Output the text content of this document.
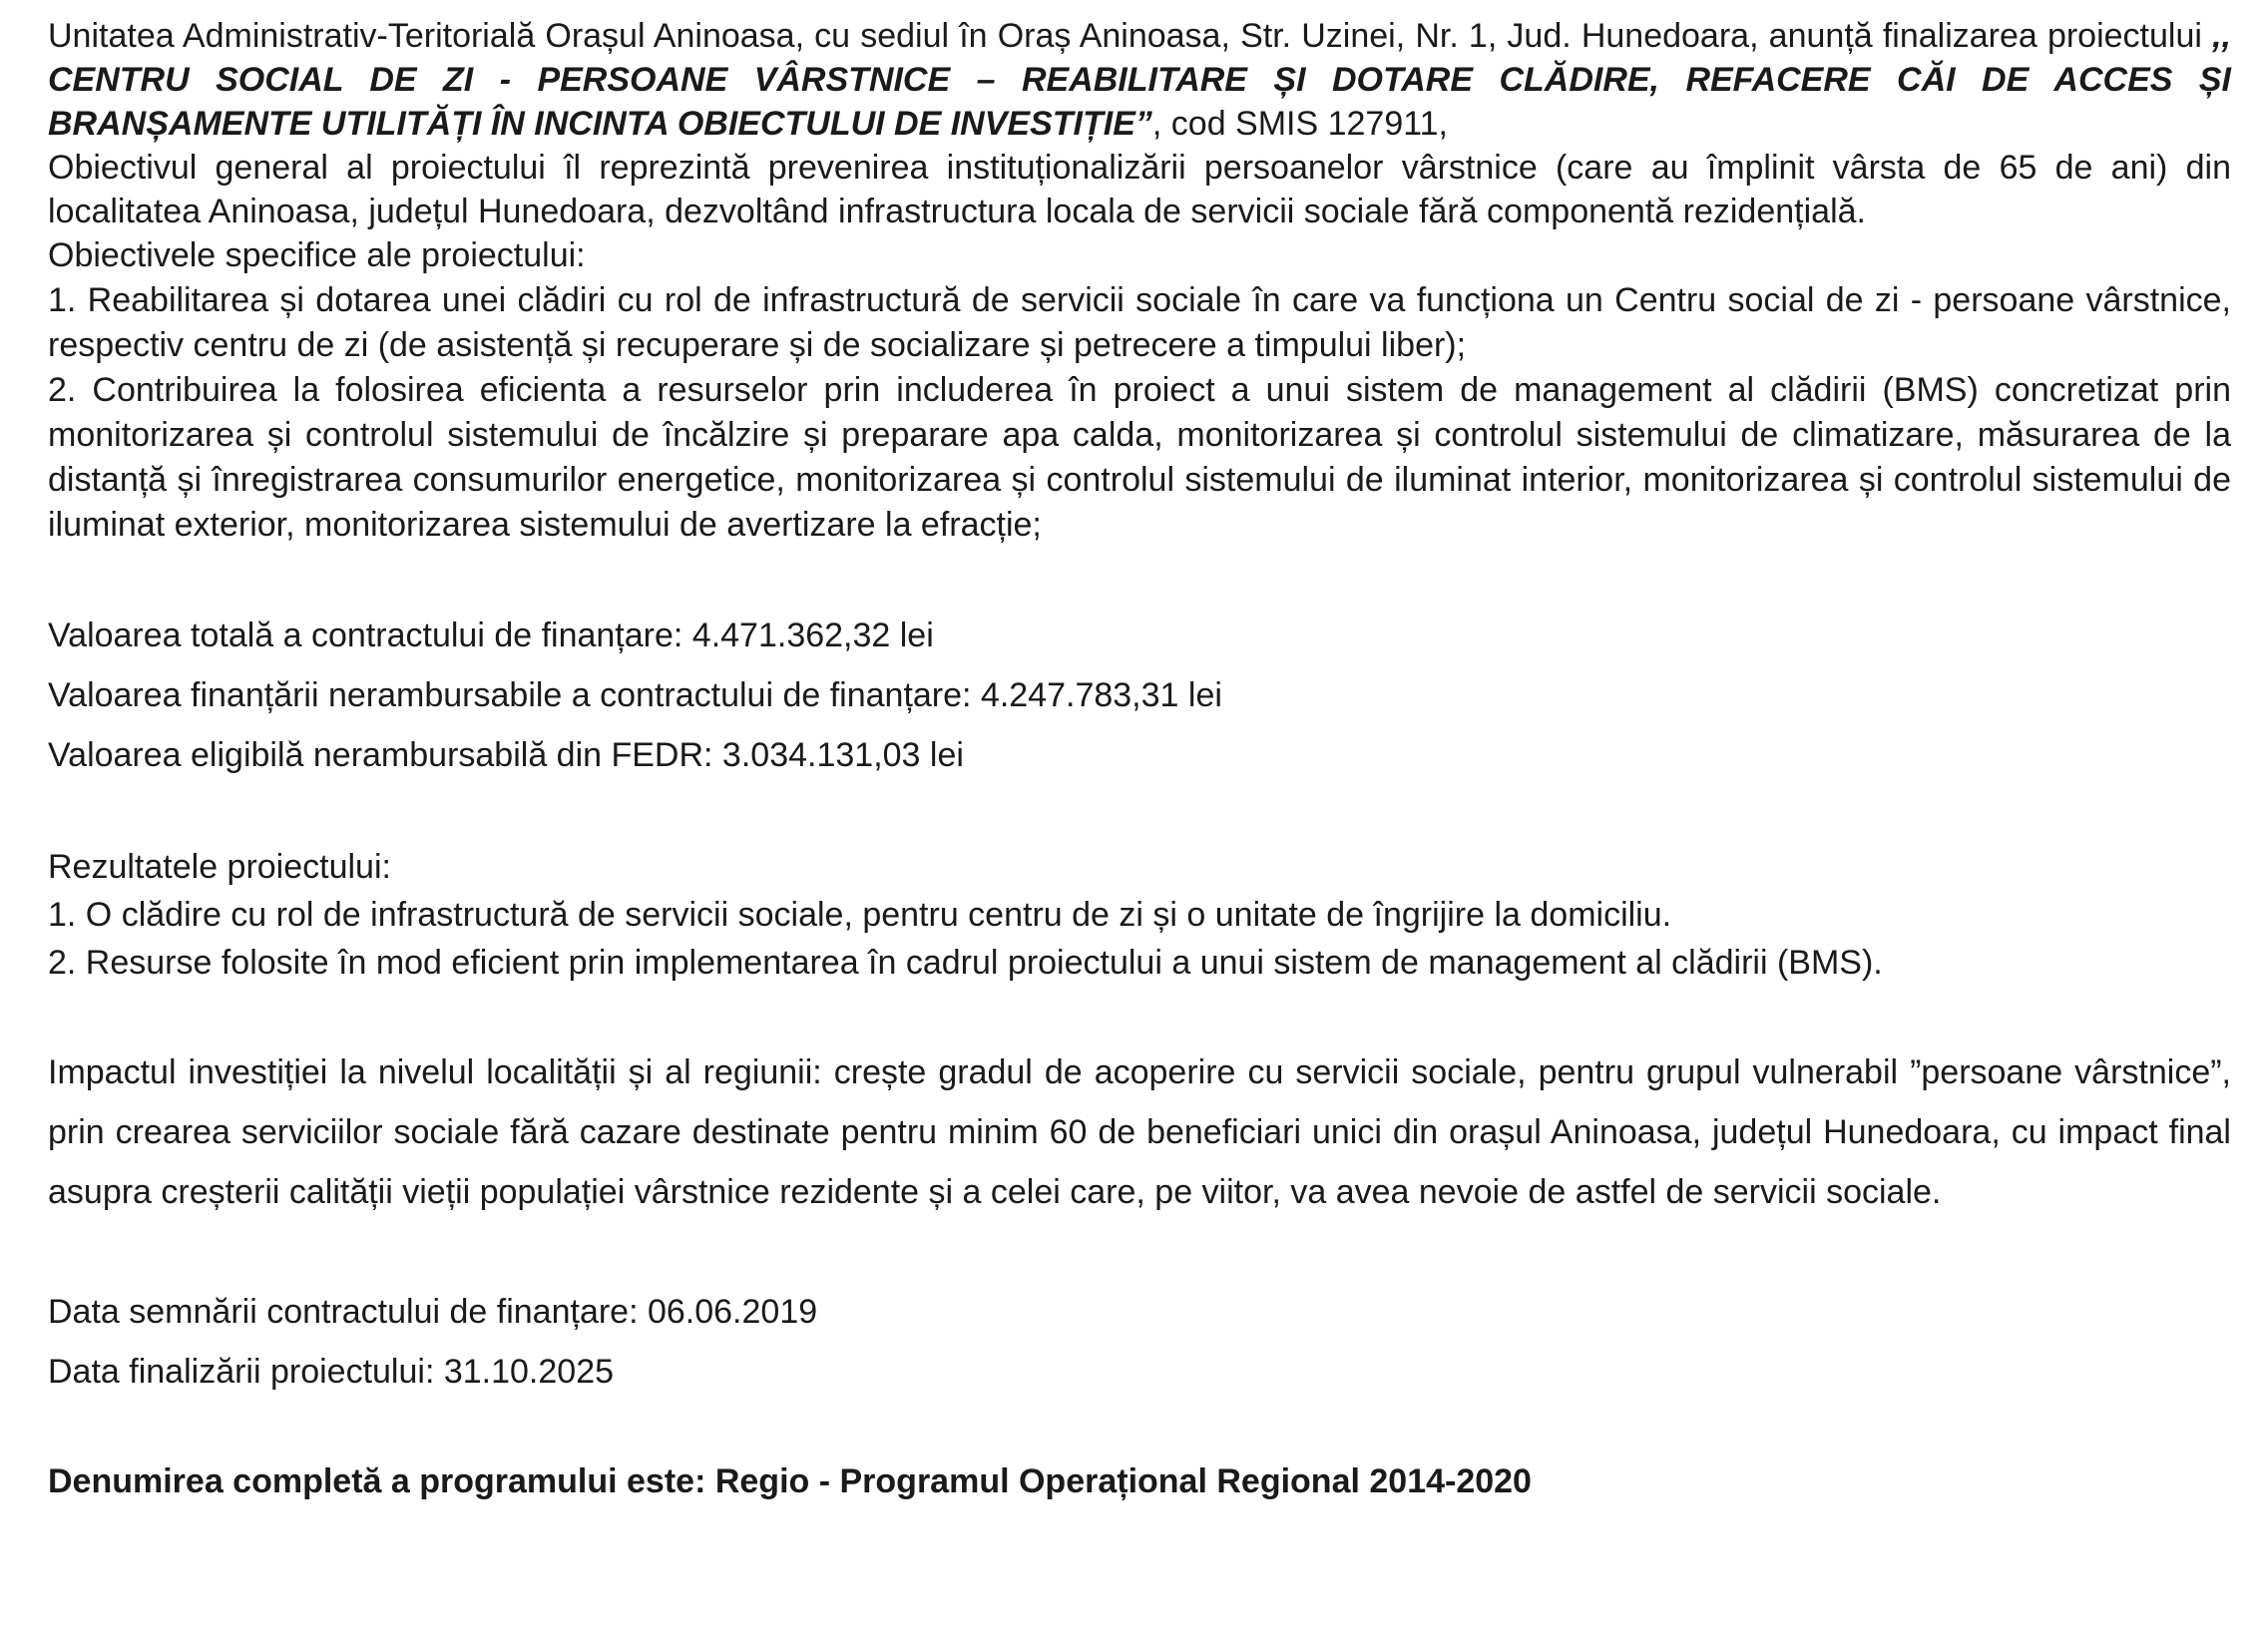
Unitatea Administrativ-Teritorială Orașul Aninoasa, cu sediul în Oraș Aninoasa, Str. Uzinei, Nr. 1, Jud. Hunedoara, anunță finalizarea proiectului ,, CENTRU SOCIAL DE ZI - PERSOANE VÂRSTNICE – REABILITARE ȘI DOTARE CLĂDIRE, REFACERE CĂI DE ACCES ȘI BRANȘAMENTE UTILITĂȚI ÎN INCINTA OBIECTULUI DE INVESTIȚIE”, cod SMIS 127911,

Obiectivul general al proiectului îl reprezintă prevenirea instituționalizării persoanelor vârstnice (care au împlinit vârsta de 65 de ani) din localitatea Aninoasa, județul Hunedoara, dezvoltând infrastructura locala de servicii sociale fără componentă rezidențială.

Obiectivele specifice ale proiectului:

1. Reabilitarea și dotarea unei clădiri cu rol de infrastructură de servicii sociale în care va funcționa un Centru social de zi - persoane vârstnice, respectiv centru de zi (de asistență și recuperare și de socializare și petrecere a timpului liber);

2. Contribuirea la folosirea eficienta a resurselor prin includerea în proiect a unui sistem de management al clădirii (BMS) concretizat prin monitorizarea și controlul sistemului de încălzire și preparare apa calda, monitorizarea și controlul sistemului de climatizare, măsurarea de la distanță și înregistrarea consumurilor energetice, monitorizarea și controlul sistemului de iluminat interior, monitorizarea și controlul sistemului de iluminat exterior, monitorizarea sistemului de avertizare la efracție;

Valoarea totală a contractului de finanțare: 4.471.362,32 lei
Valoarea finanțării nerambursabile a contractului de finanțare: 4.247.783,31 lei
Valoarea eligibilă nerambursabilă din FEDR: 3.034.131,03 lei
Rezultatele proiectului:
1. O clădire cu rol de infrastructură de servicii sociale, pentru centru de zi și o unitate de îngrijire la domiciliu.
2. Resurse folosite în mod eficient prin implementarea în cadrul proiectului a unui sistem de management al clădirii (BMS).

Impactul investiției la nivelul localității și al regiunii: crește gradul de acoperire cu servicii sociale, pentru grupul vulnerabil ”persoane vârstnice”, prin crearea serviciilor sociale fără cazare destinate pentru minim 60 de beneficiari unici din orașul Aninoasa, județul Hunedoara, cu impact final asupra creșterii calității vieții populației vârstnice rezidente și a celei care, pe viitor, va avea nevoie de astfel de servicii sociale.

Data semnării contractului de finanțare: 06.06.2019
Data finalizării proiectului: 31.10.2025

Denumirea completă a programului este: Regio - Programul Operațional Regional 2014-2020
